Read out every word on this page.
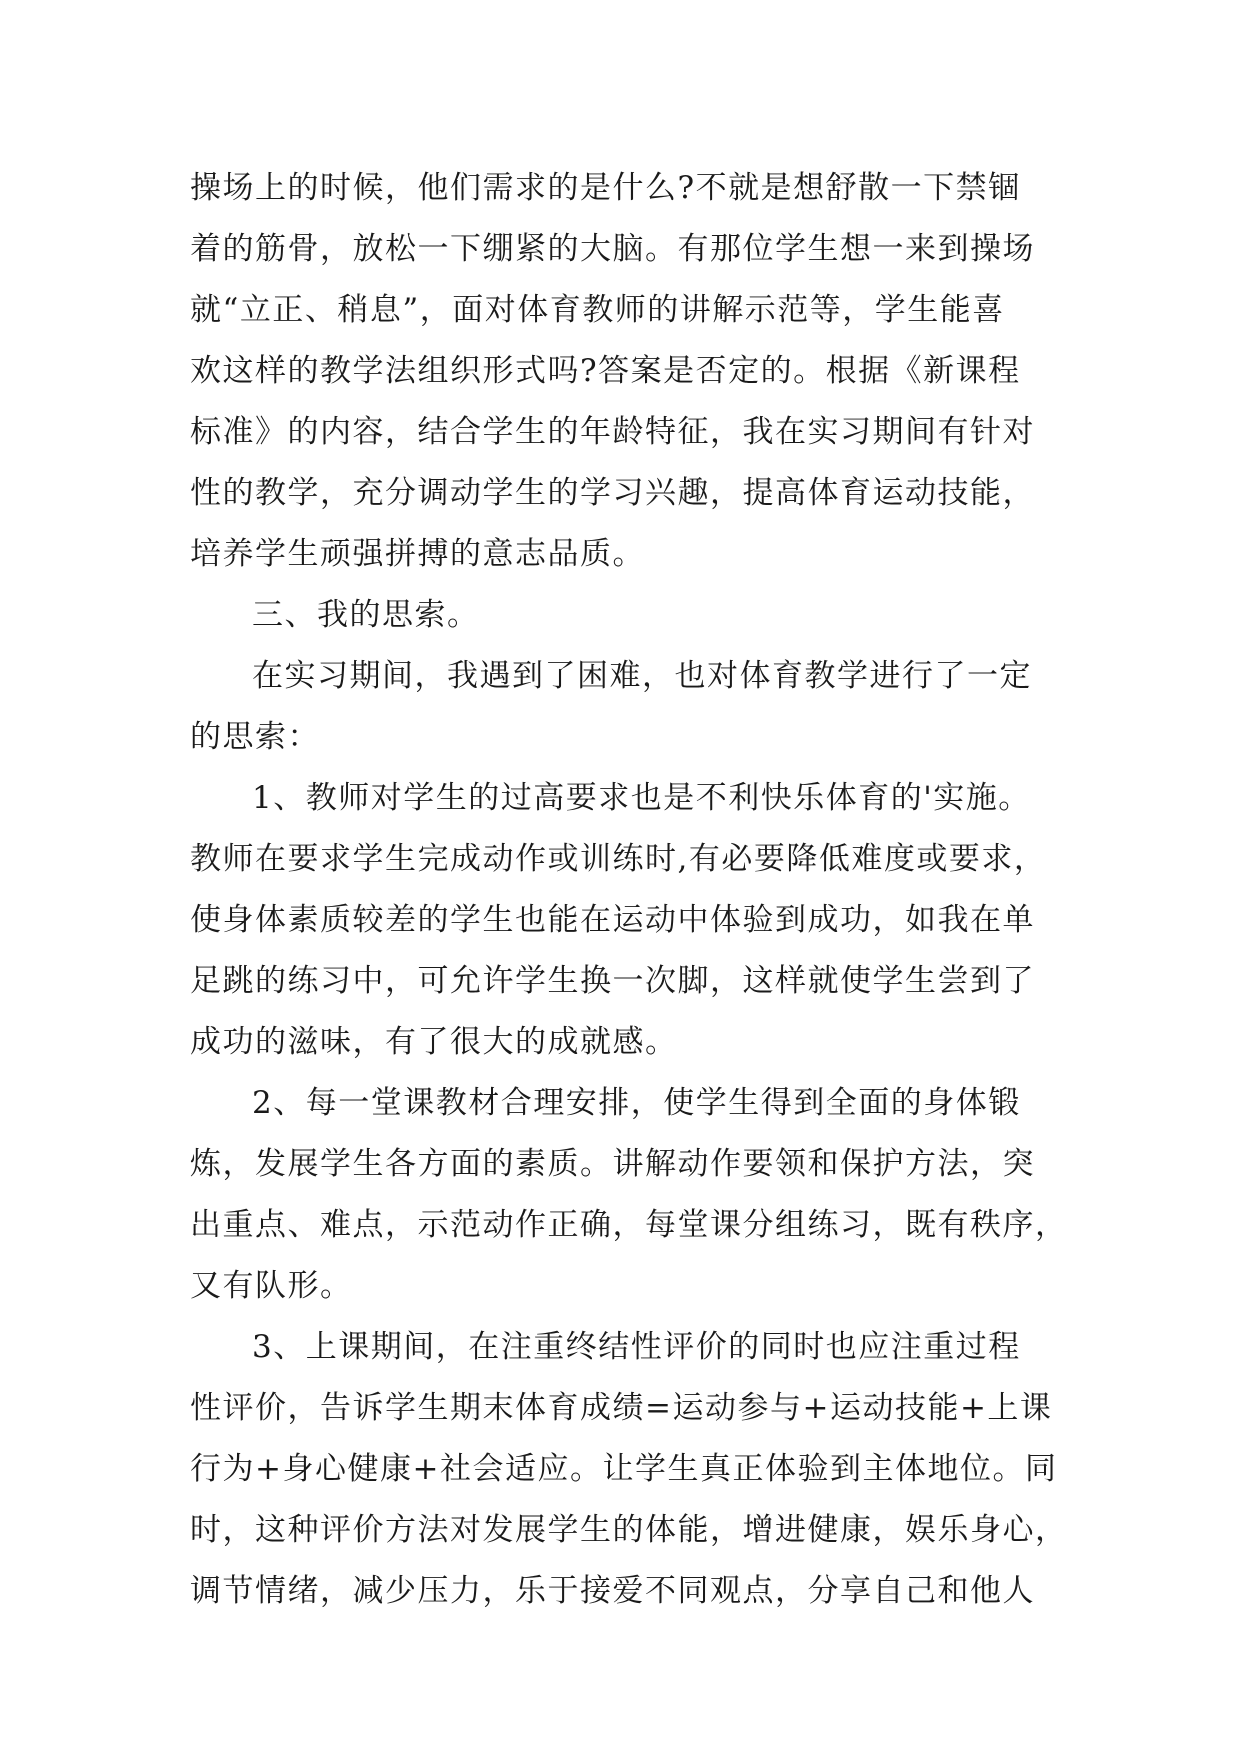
操场上的时候，他们需求的是什么?不就是想舒散一下禁锢
着的筋骨，放松一下绷紧的大脑。有那位学生想一来到操场
就“立正、稍息”，面对体育教师的讲解示范等，学生能喜
欢这样的教学法组织形式吗?答案是否定的。根据《新课程
标准》的内容，结合学生的年龄特征，我在实习期间有针对
性的教学，充分调动学生的学习兴趣，提高体育运动技能，
培养学生顽强拼搏的意志品质。
三、我的思索。
在实习期间，我遇到了困难，也对体育教学进行了一定
的思索：
1、教师对学生的过高要求也是不利快乐体育的'实施。
教师在要求学生完成动作或训练时,有必要降低难度或要求，
使身体素质较差的学生也能在运动中体验到成功，如我在单
足跳的练习中，可允许学生换一次脚，这样就使学生尝到了
成功的滋味，有了很大的成就感。
2、每一堂课教材合理安排，使学生得到全面的身体锻
炼，发展学生各方面的素质。讲解动作要领和保护方法，突
出重点、难点，示范动作正确，每堂课分组练习，既有秩序，
又有队形。
3、上课期间，在注重终结性评价的同时也应注重过程
性评价，告诉学生期末体育成绩=运动参与+运动技能+上课
行为+身心健康+社会适应。让学生真正体验到主体地位。同
时，这种评价方法对发展学生的体能，增进健康，娱乐身心，
调节情绪，减少压力，乐于接爱不同观点，分享自己和他人
